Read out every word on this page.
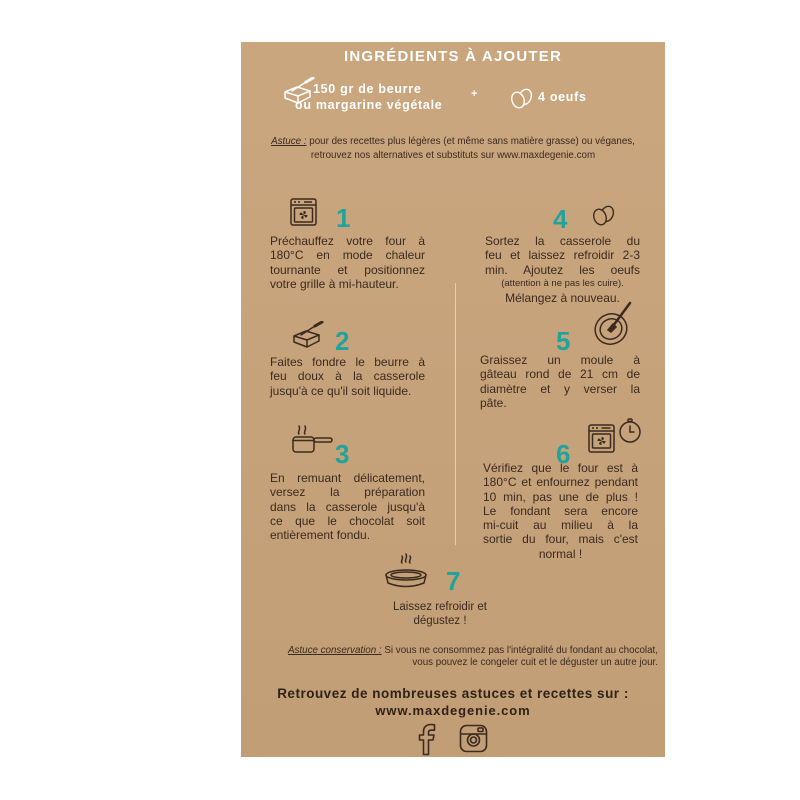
INGRÉDIENTS À AJOUTER
150 gr de beurre
ou margarine végétale
+	4 oeufs
Astuce : pour des recettes plus légères (et même sans matière grasse) ou véganes,
retrouvez nos alternatives et substituts sur www.maxdegenie.com
1
Préchauffez votre four à
180°C en mode chaleur
tournante et positionnez
votre grille à mi-hauteur.
2
Faites fondre le beurre à
feu doux à la casserole
jusqu'à ce qu'il soit liquide.
3
En remuant délicatement,
versez la préparation
dans la casserole jusqu'à
ce que le chocolat soit
entièrement fondu.
4
Sortez la casserole du
feu et laissez refroidir 2-3
min. Ajoutez les oeufs
(attention à ne pas les cuire).
Mélangez à nouveau.
5
Graissez un moule à
gâteau rond de 21 cm de
diamètre et y verser la
pâte.
6
Vérifiez que le four est à
180°C et enfournez pendant
10 min, pas une de plus !
Le fondant sera encore
mi-cuit au milieu à la
sortie du four, mais c'est
normal !
7
Laissez refroidir et
dégustez !
Astuce conservation : Si vous ne consommez pas l'intégralité du fondant au chocolat,
vous pouvez le congeler cuit et le déguster un autre jour.
Retrouvez de nombreuses astuces et recettes sur :
www.maxdegenie.com
